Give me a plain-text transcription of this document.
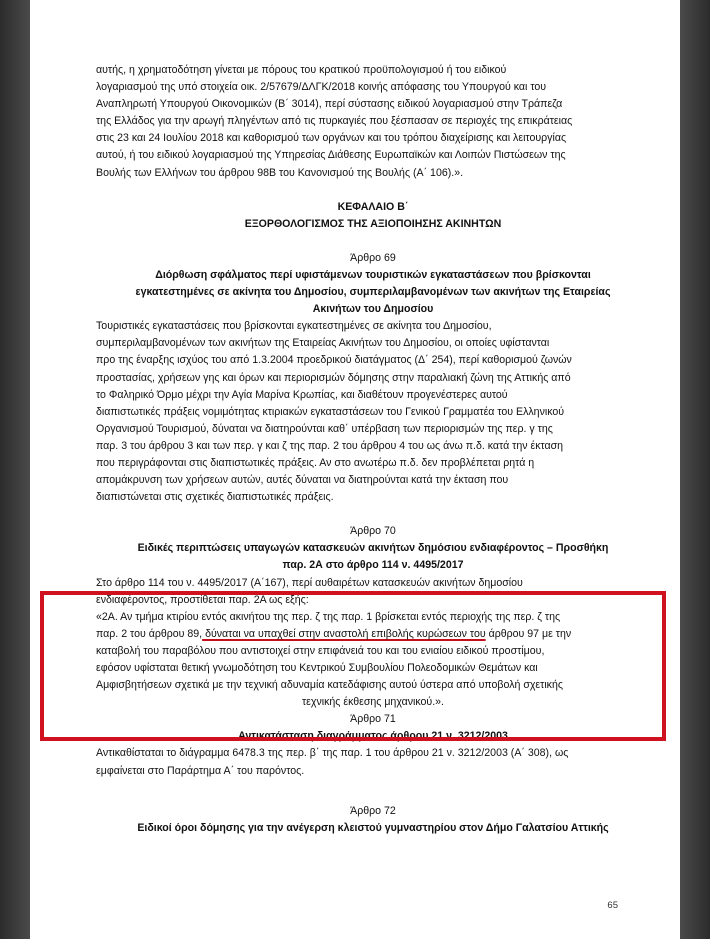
αυτής, η χρηματοδότηση γίνεται με πόρους του κρατικού προϋπολογισμού ή του ειδικού

λογαριασμού της υπό στοιχεία οικ. 2/57679/ΔΛΓΚ/2018 κοινής απόφασης του Υπουργού και του

Αναπληρωτή Υπουργού Οικονομικών (Β΄ 3014), περί σύστασης ειδικού λογαριασμού στην Τράπεζα

της Ελλάδος για την αρωγή πληγέντων από τις πυρκαγιές που ξέσπασαν σε περιοχές της επικράτειας

στις 23 και 24 Ιουλίου 2018 και καθορισμού των οργάνων και του τρόπου διαχείρισης και λειτουργίας

αυτού, ή του ειδικού λογαριασμού της Υπηρεσίας Διάθεσης Ευρωπαϊκών και Λοιπών Πιστώσεων της

Βουλής των Ελλήνων του άρθρου 98Β του Κανονισμού της Βουλής (Α΄ 106).».

ΚΕΦΑΛΑΙΟ Β΄

ΕΞΟΡΘΟΛΟΓΙΣΜΟΣ ΤΗΣ ΑΞΙΟΠΟΙΗΣΗΣ ΑΚΙΝΗΤΩΝ

Άρθρο 69

Διόρθωση σφάλματος περί υφιστάμενων τουριστικών εγκαταστάσεων που βρίσκονται

εγκατεστημένες σε ακίνητα του Δημοσίου, συμπεριλαμβανομένων των ακινήτων της Εταιρείας

Ακινήτων του Δημοσίου

Τουριστικές εγκαταστάσεις που βρίσκονται εγκατεστημένες σε ακίνητα του Δημοσίου,

συμπεριλαμβανομένων των ακινήτων της Εταιρείας Ακινήτων του Δημοσίου, οι οποίες υφίστανται

προ της έναρξης ισχύος του από 1.3.2004 προεδρικού διατάγματος (Δ΄ 254), περί καθορισμού ζωνών

προστασίας, χρήσεων γης και όρων και περιορισμών δόμησης στην παραλιακή ζώνη της Αττικής από

το Φαληρικό Όρμο μέχρι την Αγία Μαρίνα Κρωπίας, και διαθέτουν προγενέστερες αυτού

διαπιστωτικές πράξεις νομιμότητας κτιριακών εγκαταστάσεων του Γενικού Γραμματέα του Ελληνικού

Οργανισμού Τουρισμού, δύναται να διατηρούνται καθ΄ υπέρβαση των περιορισμών της περ. γ της

παρ. 3 του άρθρου 3 και των περ. γ και ζ της παρ. 2 του άρθρου 4 του ως άνω π.δ. κατά την έκταση

που περιγράφονται στις διαπιστωτικές πράξεις. Αν στο ανωτέρω π.δ. δεν προβλέπεται ρητά η

απομάκρυνση των χρήσεων αυτών, αυτές δύναται να διατηρούνται κατά την έκταση που

διαπιστώνεται στις σχετικές διαπιστωτικές πράξεις.

Άρθρο 70

Ειδικές περιπτώσεις υπαγωγών κατασκευών ακινήτων δημόσιου ενδιαφέροντος – Προσθήκη

παρ. 2Α στο άρθρο 114 ν. 4495/2017

Στο άρθρο 114 του ν. 4495/2017 (Α΄167), περί αυθαιρέτων κατασκευών ακινήτων δημοσίου

ενδιαφέροντος, προστίθεται παρ. 2Α ως εξής:

«2Α. Αν τμήμα κτιρίου εντός ακινήτου της περ. ζ της παρ. 1 βρίσκεται εντός περιοχής της περ. ζ της

παρ. 2 του άρθρου 89, δύναται να υπαχθεί στην αναστολή επιβολής κυρώσεων του άρθρου 97 με την

καταβολή του παραβόλου που αντιστοιχεί στην επιφάνειά του και του ενιαίου ειδικού προστίμου,

εφόσον υφίσταται θετική γνωμοδότηση του Κεντρικού Συμβουλίου Πολεοδομικών Θεμάτων και

Αμφισβητήσεων σχετικά με την τεχνική αδυναμία κατεδάφισης αυτού ύστερα από υποβολή σχετικής

τεχνικής έκθεσης μηχανικού.».

Άρθρο 71

Αντικατάσταση διαγράμματος άρθρου 21 ν. 3212/2003

Αντικαθίσταται το διάγραμμα 6478.3 της περ. β΄ της παρ. 1 του άρθρου 21 ν. 3212/2003 (Α΄ 308), ως

εμφαίνεται στο Παράρτημα Α΄ του παρόντος.

Άρθρο 72

Ειδικοί όροι δόμησης για την ανέγερση κλειστού γυμναστηρίου στον Δήμο Γαλατσίου Αττικής

65
